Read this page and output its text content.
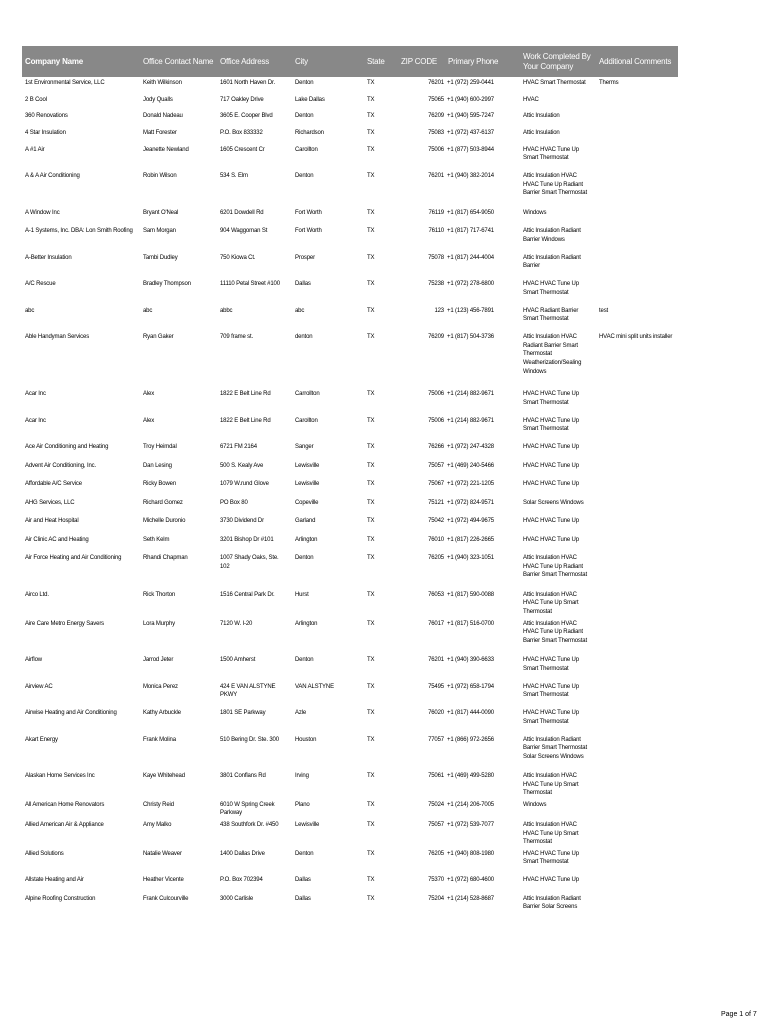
Company Name	Office Contact Name	Office Address	City	State	ZIP CODE	Primary Phone	Work Completed By Your Company	Additional Comments
1st Environmental Service, LLC	Keith Wilkinson	1601 North Haven Dr.	Denton	TX	76201	+1 (972) 259-0441	HVAC Smart Thermostat	Therms
2 B Cool	Jody Qualls	717 Oakley Drive	Lake Dallas	TX	75065	+1 (940) 600-2997	HVAC	
360 Renovations	Donald Nadeau	3605 E. Cooper Blvd	Denton	TX	76209	+1 (940) 595-7247	Attic Insulation	
4 Star Insulation	Matt Forester	P.O. Box 833332	Richardson	TX	75083	+1 (972) 437-6137	Attic Insulation	
A #1 Air	Jeanette Newland	1605 Crescent Cr	Carollton	TX	75006	+1 (877) 503-8944	HVAC HVAC Tune Up Smart Thermostat	
A & A Air Conditioning	Robin Wilson	534 S. Elm	Denton	TX	76201	+1 (940) 382-2014	Attic Insulation HVAC HVAC Tune Up Radiant Barrier Smart Thermostat	
A Window Inc	Bryant O'Neal	6201 Dowdell Rd	Fort Worth	TX	76119	+1 (817) 654-9050	Windows	
A-1 Systems, Inc. DBA: Lon Smith Roofing	Sam Morgan	904 Waggoman St	Fort Worth	TX	76110	+1 (817) 717-6741	Attic Insulation Radiant Barrier Windows	
A-Better Insulation	Tambi Dudley	750 Kiowa Ct.	Prosper	TX	75078	+1 (817) 244-4004	Attic Insulation Radiant Barrier	
A/C Rescue	Bradley Thompson	11110 Petal Street #100	Dallas	TX	75238	+1 (972) 278-6800	HVAC HVAC Tune Up Smart Thermostat	
abc	abc	abbc	abc	TX	123	+1 (123) 456-7891	HVAC Radiant Barrier Smart Thermostat	test
Able Handyman Services	Ryan Gaker	709 frame st.	denton	TX	76209	+1 (817) 504-3736	Attic Insulation HVAC Radiant Barrier Smart Thermostat Weatherization/Sealing Windows	HVAC mini split units installer
Acar Inc	Alex	1822 E Belt Line Rd	Carrollton	TX	75006	+1 (214) 882-9671	HVAC HVAC Tune Up Smart Thermostat	
Acar Inc	Alex	1822 E Belt Line Rd	Carollton	TX	75006	+1 (214) 882-9671	HVAC HVAC Tune Up Smart Thermostat	
Ace Air Conditioning and Heating	Troy Heimdal	6721 FM 2164	Sanger	TX	76266	+1 (972) 247-4328	HVAC HVAC Tune Up	
Advent Air Conditioning, Inc.	Dan Lesing	500 S. Kealy Ave	Lewisville	TX	75057	+1 (469) 240-5466	HVAC HVAC Tune Up	
Affordable A/C Service	Ricky Bowen	1079 W.rund Glove	Lewisville	TX	75067	+1 (972) 221-1205	HVAC HVAC Tune Up	
AHG Services, LLC	Richard Gomez	PO Box 80	Copeville	TX	75121	+1 (972) 824-9571	Solar Screens Windows	
Air and Heat Hospital	Michelle Duronio	3730 Dividend Dr	Garland	TX	75042	+1 (972) 494-9675	HVAC HVAC Tune Up	
Air Clinic AC and Heating	Seth Kelm	3201 Bishop Dr #101	Arlington	TX	76010	+1 (817) 226-2665	HVAC HVAC Tune Up	
Air Force Heating and Air Conditioning	Rhandi Chapman	1007 Shady Oaks, Ste. 102	Denton	TX	76205	+1 (940) 323-1051	Attic Insulation HVAC HVAC Tune Up Radiant Barrier Smart Thermostat	
Airco Ltd.	Rick Thorton	1516 Central Park Dr.	Hurst	TX	76053	+1 (817) 590-0088	Attic Insulation HVAC HVAC Tune Up Smart Thermostat	
Aire Care Metro Energy Savers	Lora Murphy	7120 W. I-20	Arlington	TX	76017	+1 (817) 516-0700	Attic Insulation HVAC HVAC Tune Up Radiant Barrier Smart Thermostat	
Airflow	Jarrod Jeter	1500 Amherst	Denton	TX	76201	+1 (940) 390-6633	HVAC HVAC Tune Up Smart Thermostat	
Airview AC	Monica Perez	424 E VAN ALSTYNE PKWY	VAN ALSTYNE	TX	75495	+1 (972) 658-1794	HVAC HVAC Tune Up Smart Thermostat	
Airwise Heating and Air Conditioning	Kathy Arbuckle	1801 SE Parkway	Azle	TX	76020	+1 (817) 444-0090	HVAC HVAC Tune Up Smart Thermostat	
Akart Energy	Frank Molina	510 Bering Dr. Ste. 300	Houston	TX	77057	+1 (866) 972-2656	Attic Insulation Radiant Barrier Smart Thermostat Solar Screens Windows	
Alaskan Home Services Inc	Kaye Whitehead	3801 Conflans Rd	Irving	TX	75061	+1 (469) 499-5280	Attic Insulation HVAC HVAC Tune Up Smart Thermostat	
All American Home Renovators	Christy Reid	6010 W Spring Creek Parkway	Plano	TX	75024	+1 (214) 206-7005	Windows	
Allied American Air & Appliance	Amy Malko	438 Southfork Dr. #450	Lewisville	TX	75057	+1 (972) 539-7077	Attic Insulation HVAC HVAC Tune Up Smart Thermostat	
Allied Solutions	Natalie Weaver	1400 Dallas Drive	Denton	TX	76205	+1 (940) 808-1980	HVAC HVAC Tune Up Smart Thermostat	
Allstate Heating and Air	Heather Vicente	P.O. Box 702394	Dallas	TX	75370	+1 (972) 680-4600	HVAC HVAC Tune Up	
Alpine Roofing Construction	Frank Culcourville	3000 Carlisle	Dallas	TX	75204	+1 (214) 528-8687	Attic Insulation Radiant Barrier Solar Screens	
Page 1 of 7
